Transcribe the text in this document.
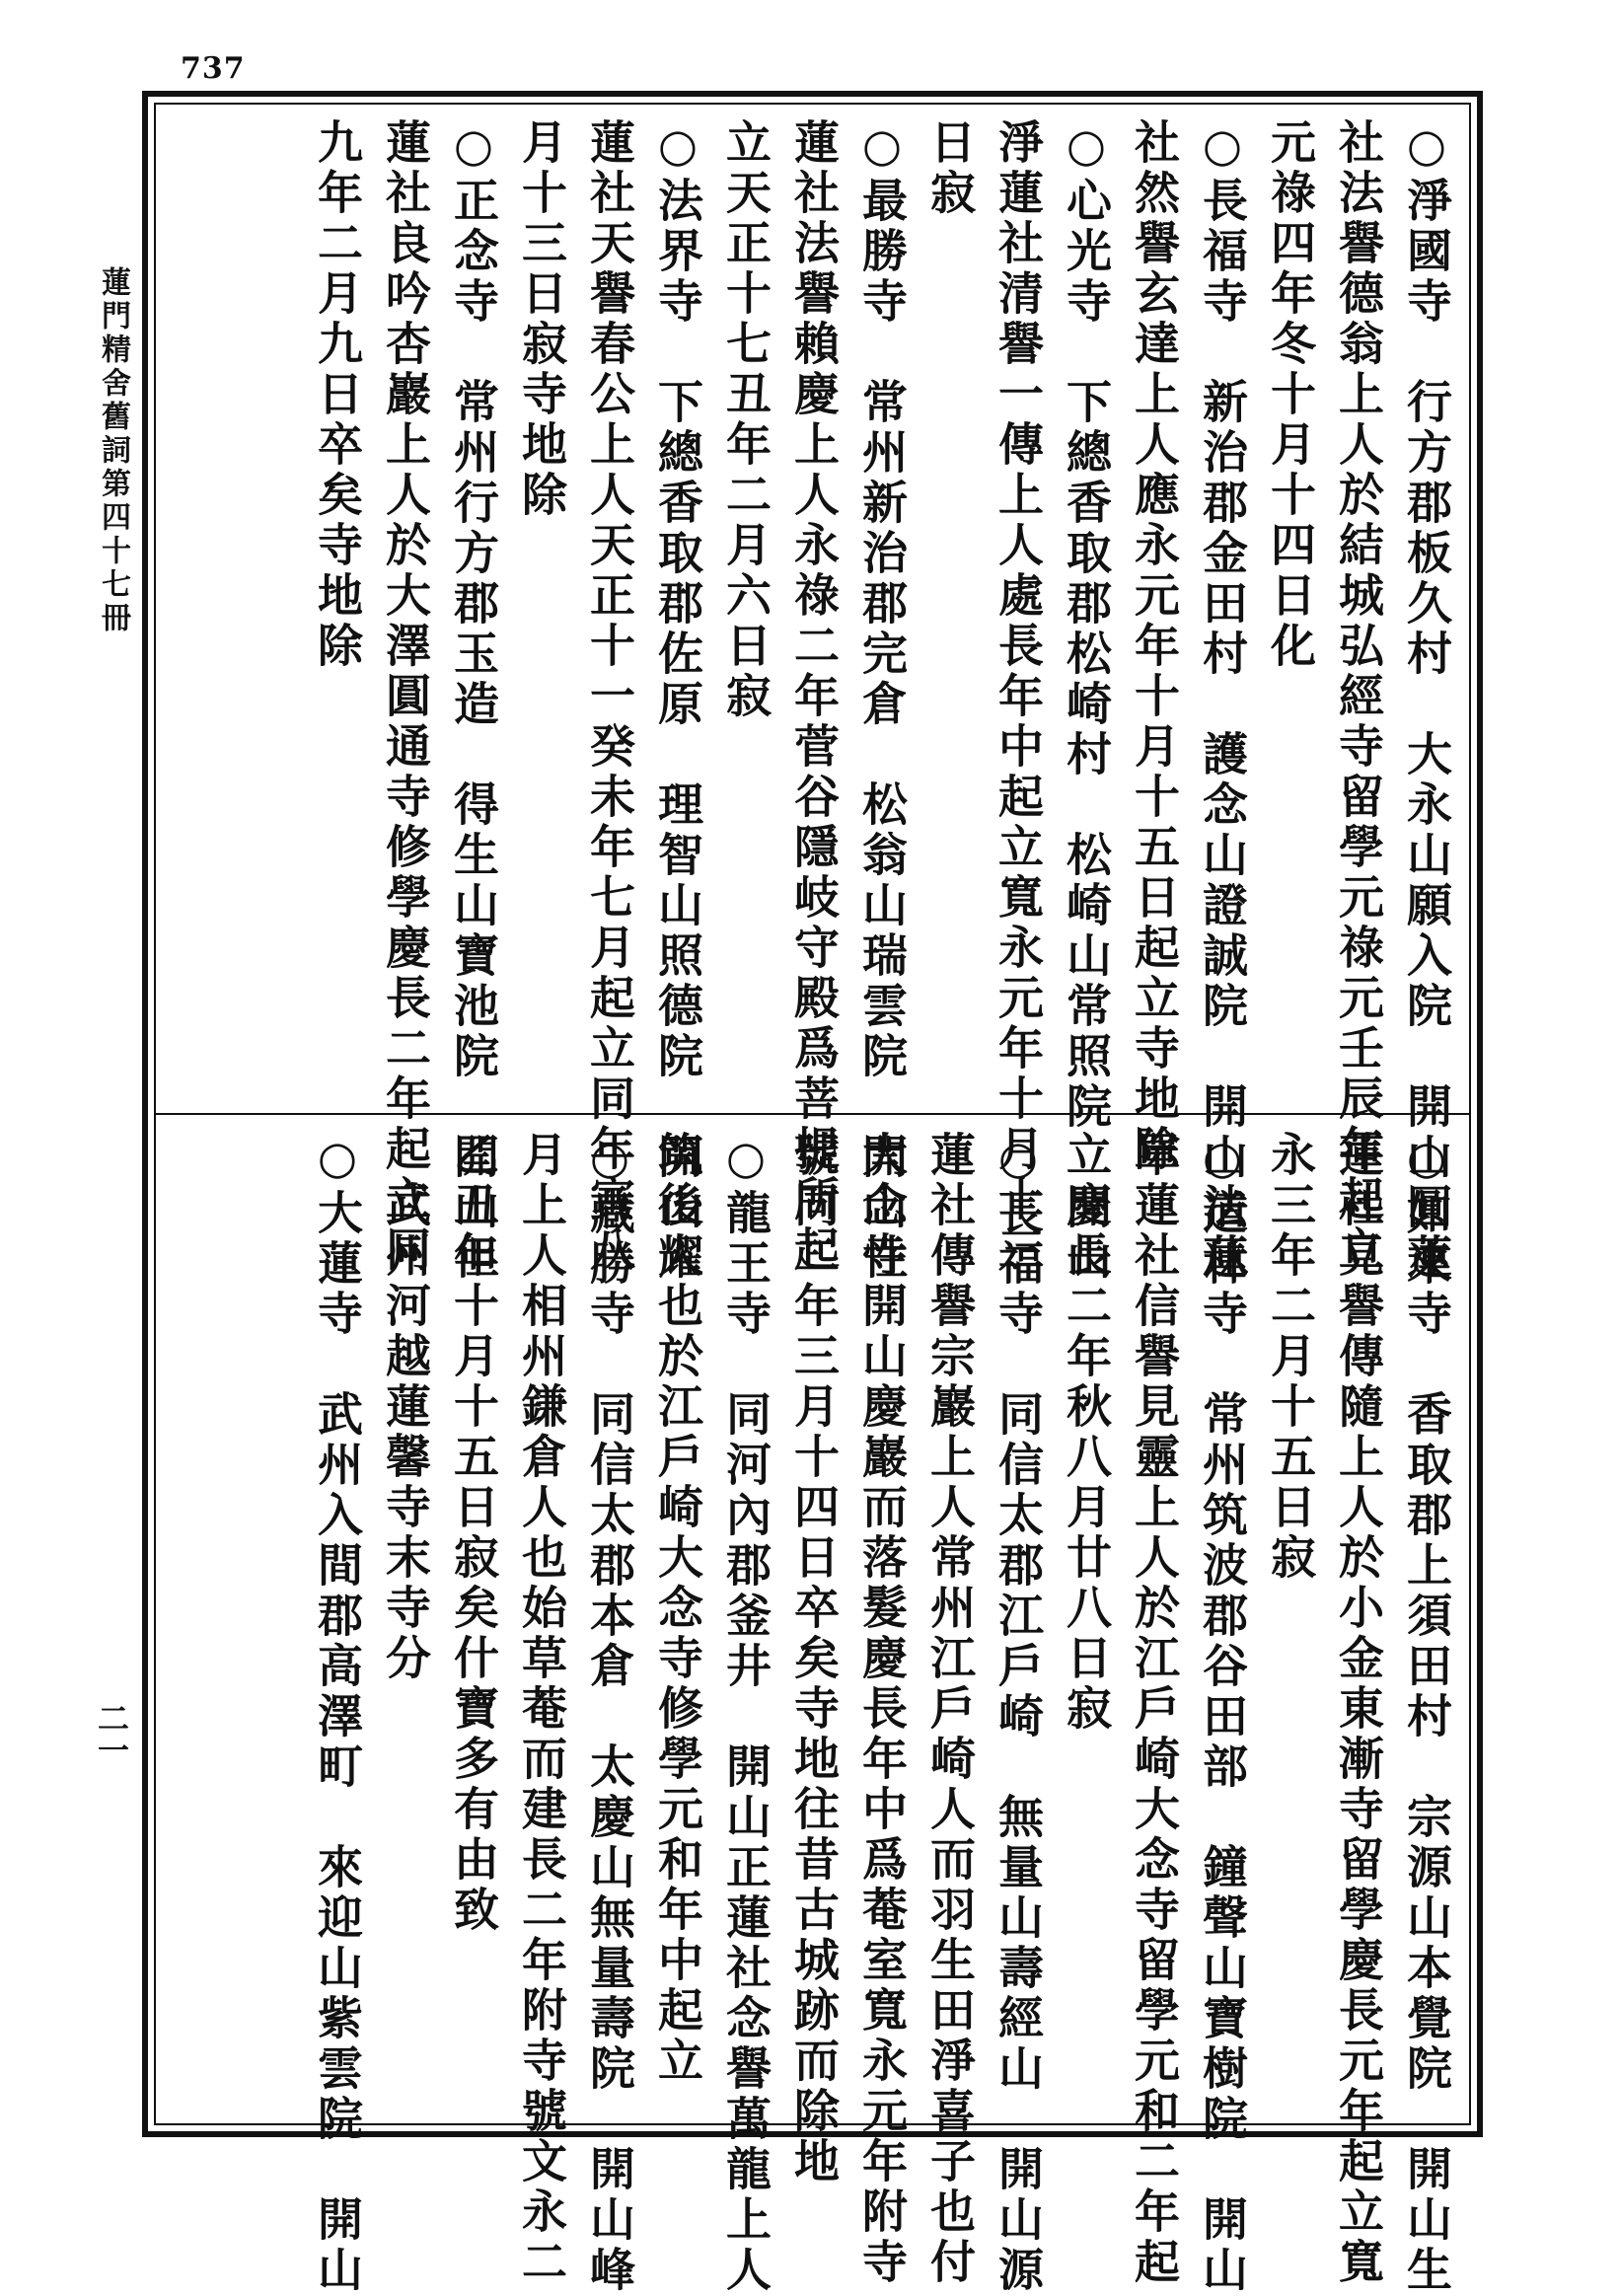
737
蓮門精舍舊詞第四十七冊
二一
○淨國寺　行方郡板久村　大永山願入院　開山圓蓮
社法譽德翁上人於結城弘經寺留學元祿元壬辰年起立
元祿四年冬十月十四日化
○長福寺　新治郡金田村　護念山證誠院　開山法蓮
社然譽玄達上人應永元年十月十五日起立寺地除
○心光寺　下總香取郡松崎村　松崎山常照院　開山
淨蓮社清譽一傳上人處長年中起立寬永元年十月十三
日寂
○最勝寺　常州新治郡完倉　松翁山瑞雲院　開山性
蓮社法譽賴慶上人永祿二年菅谷隱岐守殿爲菩提所起
立天正十七丑年二月六日寂
○法界寺　下總香取郡佐原　理智山照德院　開山耀
蓮社天譽春公上人天正十一癸未年七月起立同年寅八
月十三日寂寺地除
○正念寺　常州行方郡玉造　得生山寶池院　開山但
蓮社良吟杏巖上人於大澤圓通寺修學慶長二年起立同
九年二月九日卒矣寺地除
○如來寺　香取郡上須田村　宗源山本覺院　開山生
蓮社見譽傳隨上人於小金東漸寺留學慶長元年起立寬
永三年二月十五日寂
○道林寺　常州筑波郡谷田部　鐘聲山寶樹院　開山
單蓮社信譽見靈上人於江戶崎大念寺留學元和二年起
立慶長二年秋八月廿八日寂
○長福寺　同信太郡江戶崎　無量山壽經山　開山源
蓮社傳譽宗巖上人常州江戶崎人而羽生田淨喜子也付
大念寺開山慶巖而落髮慶長年中爲菴室寬永元年附寺
號同二年三月十四日卒矣寺地往昔古城跡而除地
○龍王寺　同河內郡釜井　開山正蓮社念譽萬龍上人
筑後人也於江戶崎大念寺修學元和年中起立
○藏勝寺　同信太郡本倉　太慶山無量壽院　開山峰
月上人相州鎌倉人也始草菴而建長二年附寺號文永二
乙丑年十月十五日寂矣什寶多有由致
　武州河越蓮馨寺末寺分
○大蓮寺　武州入間郡高澤町　來迎山紫雲院　開山
